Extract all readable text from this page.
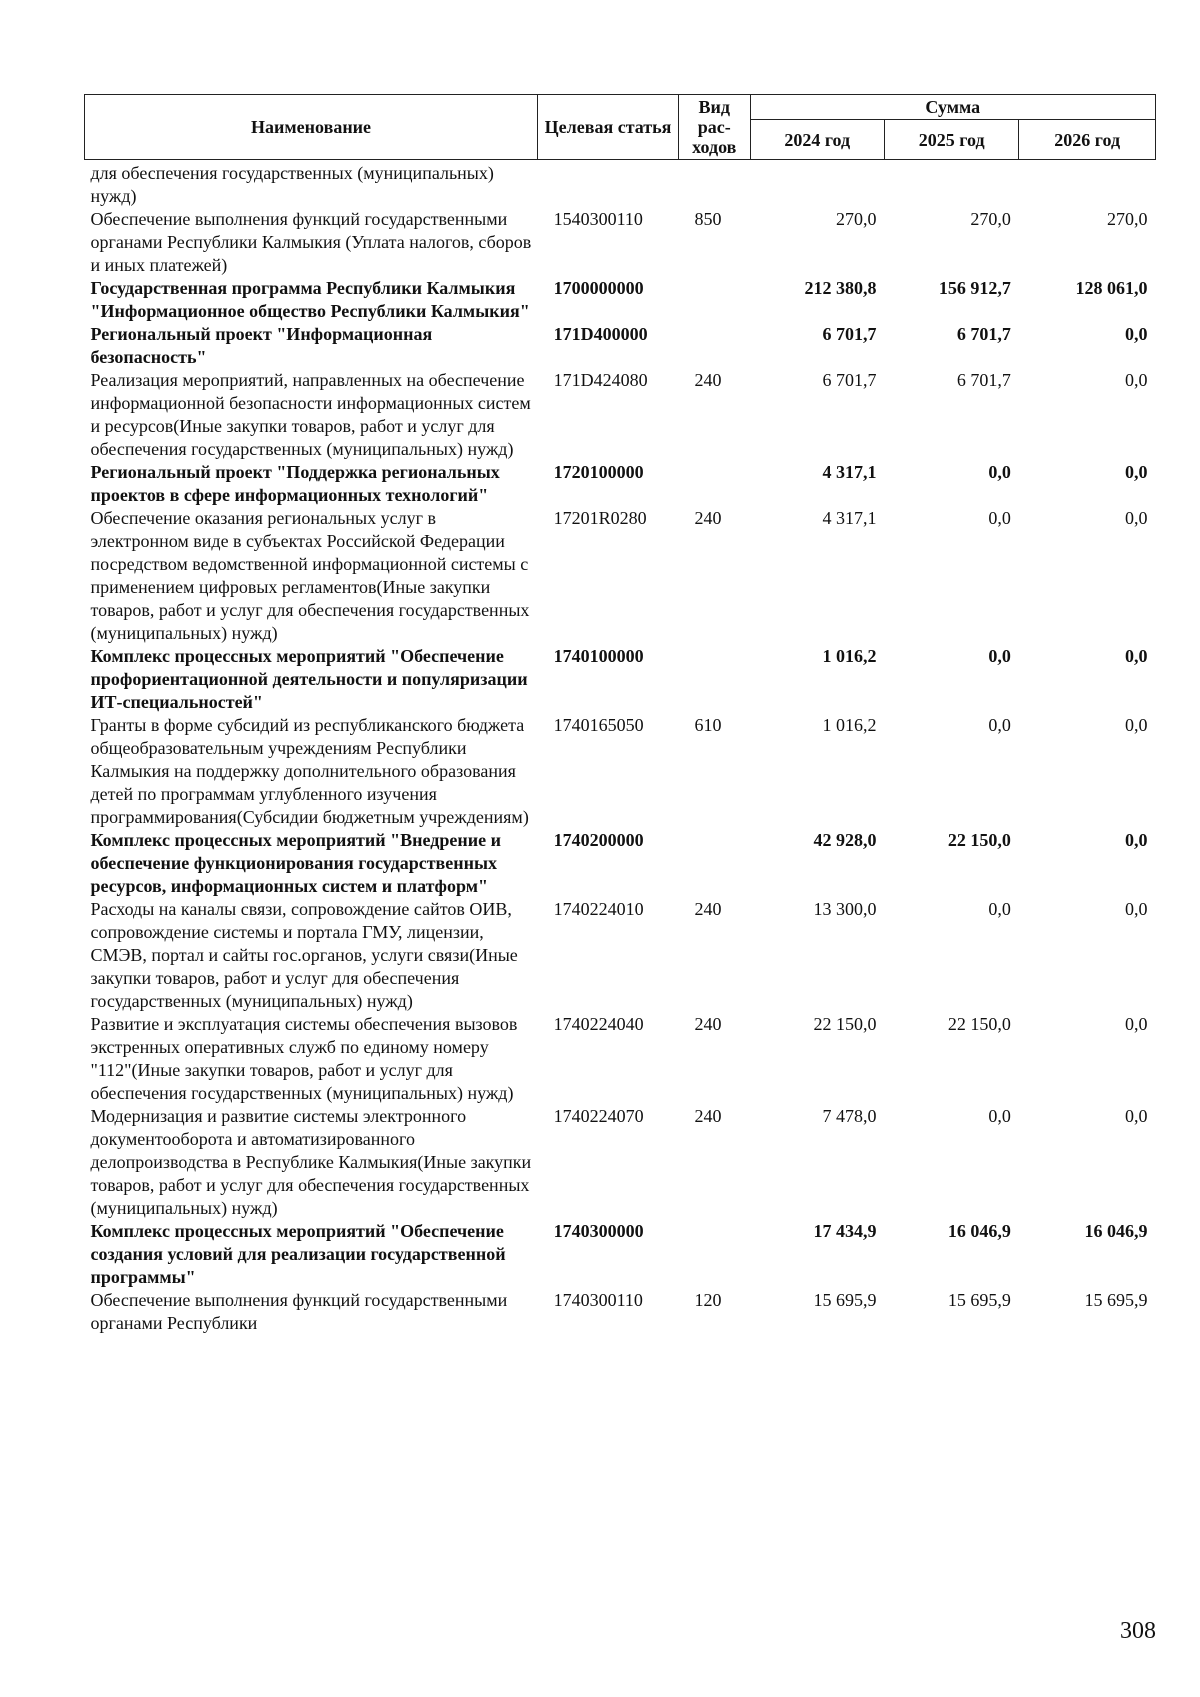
Наименование	Целевая статья	Вид рас-ходов	Сумма		
			2024 год	2025 год	2026 год
для обеспечения государственных (муниципальных) нужд)					
Обеспечение выполнения функций государственными органами Республики Калмыкия (Уплата налогов, сборов и иных платежей)	1540300110	850	270,0	270,0	270,0
Государственная программа Республики Калмыкия "Информационное общество Республики Калмыкия"	1700000000		212 380,8	156 912,7	128 061,0
Региональный проект "Информационная безопасность"	171D400000		6 701,7	6 701,7	0,0
Реализация мероприятий, направленных на обеспечение информационной безопасности информационных систем и ресурсов(Иные закупки товаров, работ и услуг для обеспечения государственных (муниципальных) нужд)	171D424080	240	6 701,7	6 701,7	0,0
Региональный проект "Поддержка региональных проектов в сфере информационных технологий"	1720100000		4 317,1	0,0	0,0
Обеспечение оказания региональных услуг в электронном виде в субъектах Российской Федерации посредством ведомственной информационной системы с применением цифровых регламентов(Иные закупки товаров, работ и услуг для обеспечения государственных (муниципальных) нужд)	17201R0280	240	4 317,1	0,0	0,0
Комплекс процессных мероприятий "Обеспечение профориентационной деятельности и популяризации ИТ-специальностей"	1740100000		1 016,2	0,0	0,0
Гранты в форме субсидий из республиканского бюджета общеобразовательным учреждениям Республики Калмыкия на поддержку дополнительного образования детей по программам углубленного изучения программирования(Субсидии бюджетным учреждениям)	1740165050	610	1 016,2	0,0	0,0
Комплекс процессных мероприятий "Внедрение и обеспечение функционирования государственных ресурсов, информационных систем и платформ"	1740200000		42 928,0	22 150,0	0,0
Расходы на каналы связи, сопровождение сайтов ОИВ, сопровождение системы и портала ГМУ, лицензии, СМЭВ, портал и сайты гос.органов, услуги связи(Иные закупки товаров, работ и услуг для обеспечения государственных (муниципальных) нужд)	1740224010	240	13 300,0	0,0	0,0
Развитие и эксплуатация системы обеспечения вызовов экстренных оперативных служб по единому номеру "112"(Иные закупки товаров, работ и услуг для обеспечения государственных (муниципальных) нужд)	1740224040	240	22 150,0	22 150,0	0,0
Модернизация и развитие системы электронного документооборота и автоматизированного делопроизводства в Республике Калмыкия(Иные закупки товаров, работ и услуг для обеспечения государственных (муниципальных) нужд)	1740224070	240	7 478,0	0,0	0,0
Комплекс процессных мероприятий "Обеспечение создания условий для реализации государственной программы"	1740300000		17 434,9	16 046,9	16 046,9
Обеспечение выполнения функций государственными органами Республики	1740300110	120	15 695,9	15 695,9	15 695,9
308
